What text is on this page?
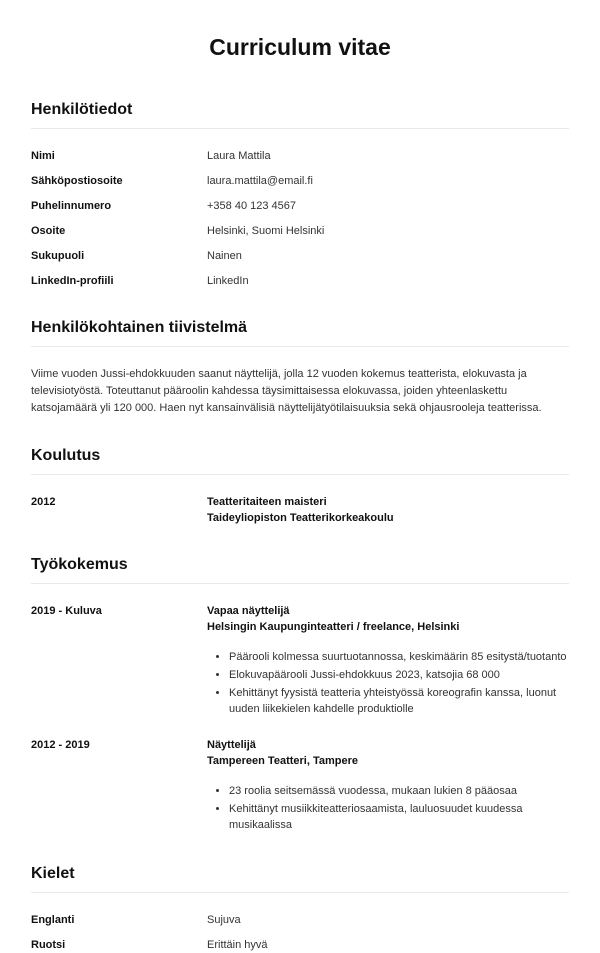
Curriculum vitae
Henkilötiedot
Nimi	Laura Mattila
Sähköpostiosoite	laura.mattila@email.fi
Puhelinnumero	+358 40 123 4567
Osoite	Helsinki, Suomi Helsinki
Sukupuoli	Nainen
LinkedIn-profiili	LinkedIn
Henkilökohtainen tiivistelmä

Viime vuoden Jussi-ehdokkuuden saanut näyttelijä, jolla 12 vuoden kokemus teatterista, elokuvasta ja televisiotyöstä. Toteuttanut pääroolin kahdessa täysimittaisessa elokuvassa, joiden yhteenlaskettu katsojamäärä yli 120 000. Haen nyt kansainvälisiä näyttelijätyötilaisuuksia sekä ohjausrooleja teatterissa.

Koulutus
2012	Teatteritaiteen maisteri
Taideyliopiston Teatterikorkeakoulu
Työkokemus
2019 - Kuluva	Vapaa näyttelijä
Helsingin Kaupunginteatteri / freelance, Helsinki
• Päärooli kolmessa suurtuotannossa, keskimäärin 85 esitystä/tuotanto
• Elokuvapäärooli Jussi-ehdokkuus 2023, katsojia 68 000
• Kehittänyt fyysistä teatteria yhteistyössä koreografin kanssa, luonut uuden liikekielen kahdelle produktiolle
2012 - 2019	Näyttelijä
Tampereen Teatteri, Tampere
• 23 roolia seitsemässä vuodessa, mukaan lukien 8 pääosaa
• Kehittänyt musiikkiteatteriosaamista, lauluosuudet kuudessa musikaalissa
Kielet
Englanti	Sujuva
Ruotsi	Erittäin hyvä
